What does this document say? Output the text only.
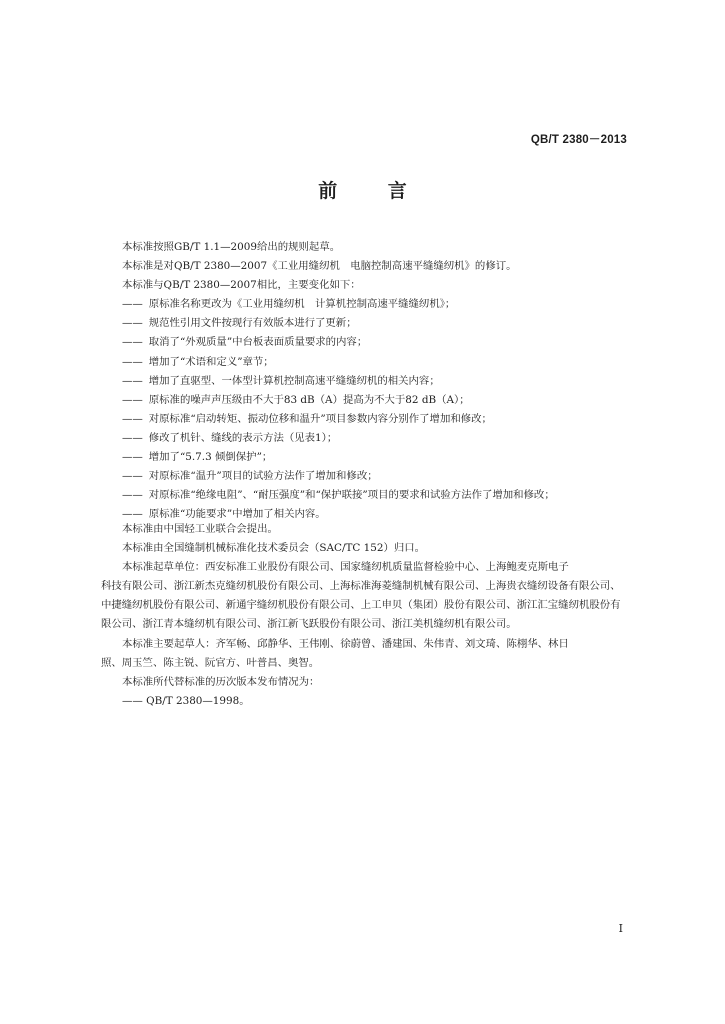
QB/T 2380－2013
前 言
本标准按照GB/T 1.1—2009给出的规则起草。
本标准是对QB/T 2380—2007《工业用缝纫机　电脑控制高速平缝缝纫机》的修订。
本标准与QB/T 2380—2007相比，主要变化如下：
—— 原标准名称更改为《工业用缝纫机　计算机控制高速平缝缝纫机》；
—— 规范性引用文件按现行有效版本进行了更新；
—— 取消了“外观质量”中台板表面质量要求的内容；
—— 增加了“术语和定义”章节；
—— 增加了直驱型、一体型计算机控制高速平缝缝纫机的相关内容；
—— 原标准的噪声声压级由不大于83 dB（A）提高为不大于82 dB（A）；
—— 对原标准“启动转矩、振动位移和温升”项目参数内容分别作了增加和修改；
—— 修改了机针、缝线的表示方法（见表1）；
—— 增加了“5.7.3 倾倒保护”；
—— 对原标准“温升”项目的试验方法作了增加和修改；
—— 对原标准“绝缘电阻”、“耐压强度”和“保护联接”项目的要求和试验方法作了增加和修改；
—— 原标准“功能要求”中增加了相关内容。
本标准由中国轻工业联合会提出。
本标准由全国缝制机械标准化技术委员会（SAC/TC 152）归口。
本标准起草单位：西安标准工业股份有限公司、国家缝纫机质量监督检验中心、上海鲍麦克斯电子
科技有限公司、浙江新杰克缝纫机股份有限公司、上海标准海菱缝制机械有限公司、上海贵衣缝纫设备有限公司、中捷缝纫机股份有限公司、新通宇缝纫机股份有限公司、上工申贝（集团）股份有限公司、浙江汇宝缝纫机股份有限公司、浙江青本缝纫机有限公司、浙江新飞跃股份有限公司、浙江美机缝纫机有限公司。
本标准主要起草人：齐军畅、邱静华、王伟刚、徐蔚曾、潘建国、朱伟青、刘文琦、陈栩华、林日
照、周玉竺、陈主锐、阮官方、叶普昌、奥智。
本标准所代替标准的历次版本发布情况为：
—— QB/T 2380—1998。
I
